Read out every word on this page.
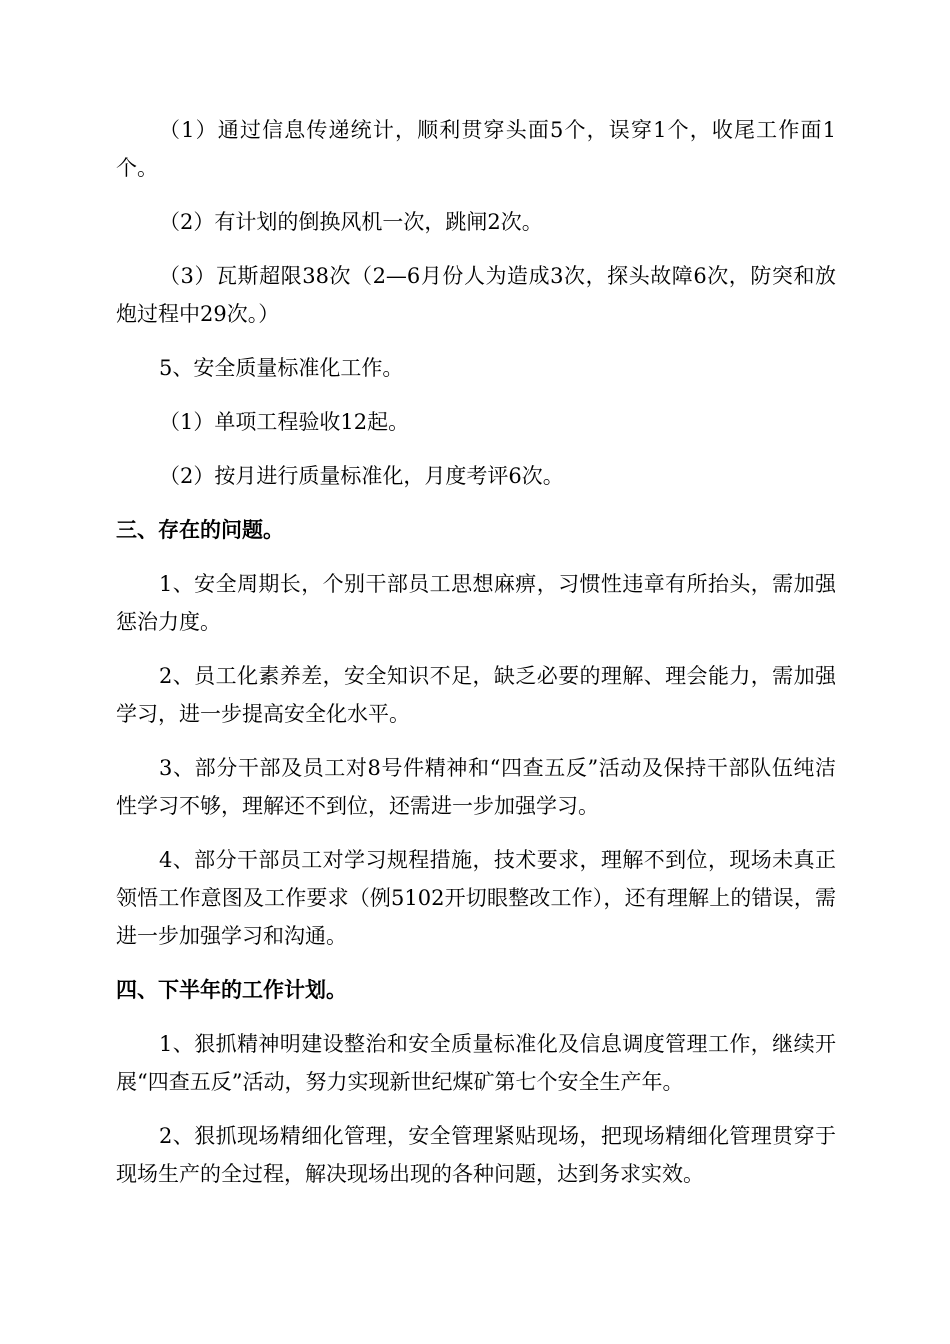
（1）通过信息传递统计，顺利贯穿头面5个，误穿1个，收尾工作面1个。

（2）有计划的倒换风机一次，跳闸2次。

（3）瓦斯超限38次（2—6月份人为造成3次，探头故障6次，防突和放炮过程中29次。）

5、安全质量标准化工作。

（1）单项工程验收12起。

（2）按月进行质量标准化，月度考评6次。

三、存在的问题。

1、安全周期长，个别干部员工思想麻痹，习惯性违章有所抬头，需加强惩治力度。

2、员工化素养差，安全知识不足，缺乏必要的理解、理会能力，需加强学习，进一步提高安全化水平。

3、部分干部及员工对8号件精神和“四查五反”活动及保持干部队伍纯洁性学习不够，理解还不到位，还需进一步加强学习。

4、部分干部员工对学习规程措施，技术要求，理解不到位，现场未真正领悟工作意图及工作要求（例5102开切眼整改工作），还有理解上的错误，需进一步加强学习和沟通。

四、下半年的工作计划。

1、狠抓精神明建设整治和安全质量标准化及信息调度管理工作，继续开展“四查五反”活动，努力实现新世纪煤矿第七个安全生产年。

2、狠抓现场精细化管理，安全管理紧贴现场，把现场精细化管理贯穿于现场生产的全过程，解决现场出现的各种问题，达到务求实效。
